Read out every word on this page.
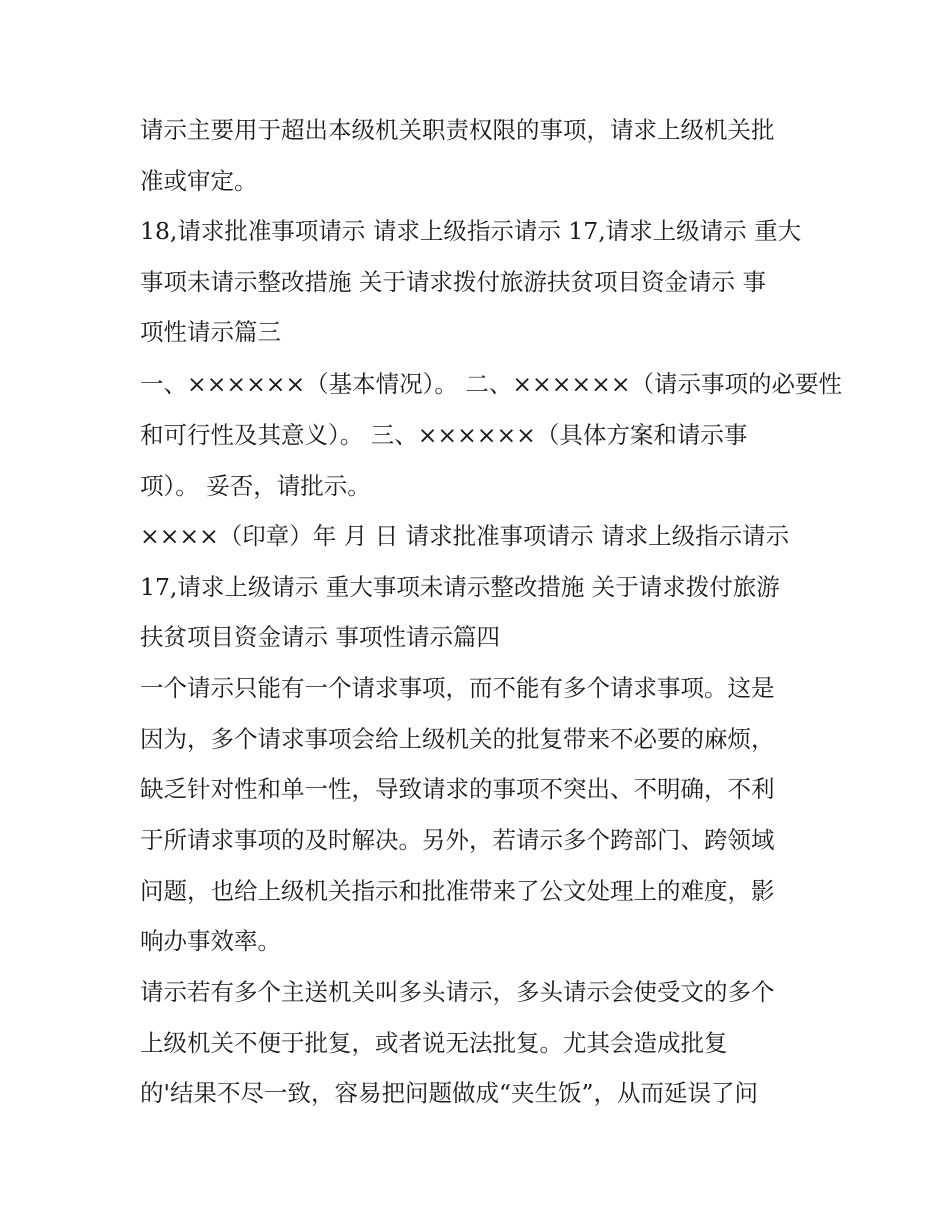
请示主要用于超出本级机关职责权限的事项，请求上级机关批
准或审定。
18,请求批准事项请示 请求上级指示请示 17,请求上级请示 重大
事项未请示整改措施 关于请求拨付旅游扶贫项目资金请示 事
项性请示篇三
一、××××××（基本情况）。 二、××××××（请示事项的必要性
和可行性及其意义）。 三、××××××（具体方案和请示事
项）。 妥否，请批示。
××××（印章）年 月 日 请求批准事项请示 请求上级指示请示
17,请求上级请示 重大事项未请示整改措施 关于请求拨付旅游
扶贫项目资金请示 事项性请示篇四
一个请示只能有一个请求事项，而不能有多个请求事项。这是
因为，多个请求事项会给上级机关的批复带来不必要的麻烦，
缺乏针对性和单一性，导致请求的事项不突出、不明确，不利
于所请求事项的及时解决。另外，若请示多个跨部门、跨领域
问题，也给上级机关指示和批准带来了公文处理上的难度，影
响办事效率。
请示若有多个主送机关叫多头请示，多头请示会使受文的多个
上级机关不便于批复，或者说无法批复。尤其会造成批复
的'结果不尽一致，容易把问题做成“夹生饭”，从而延误了问
